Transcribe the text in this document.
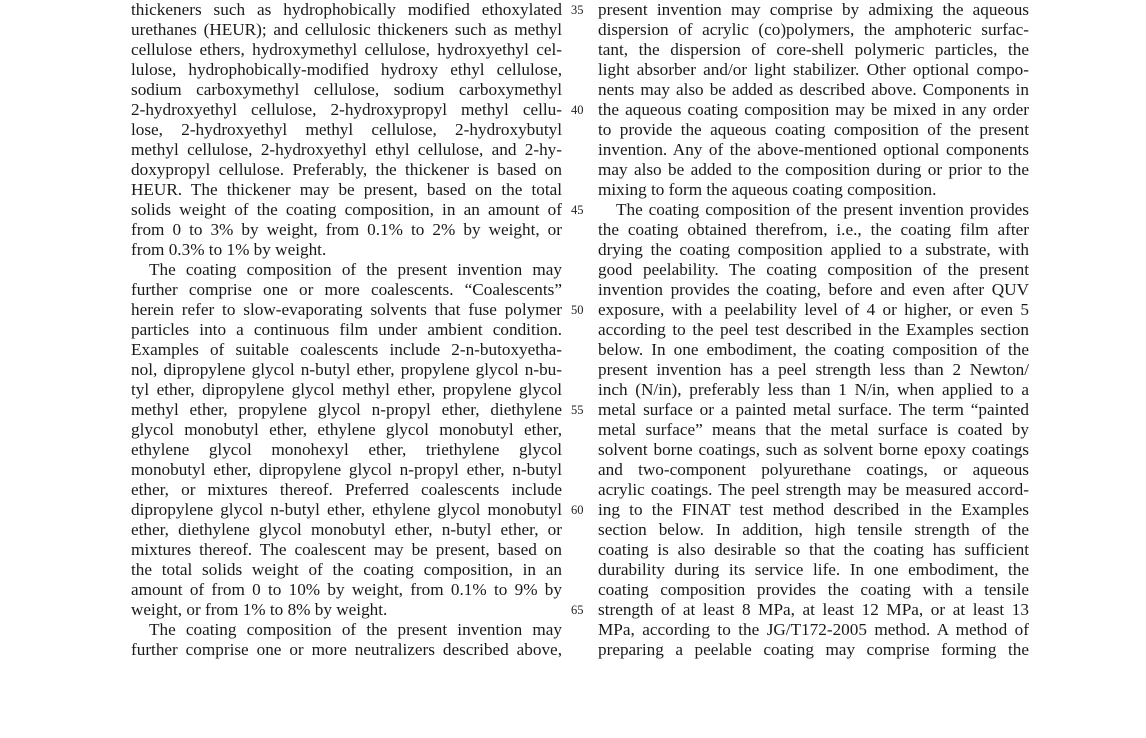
thickeners such as hydrophobically modified ethoxylated
urethanes (HEUR); and cellulosic thickeners such as methyl
cellulose ethers, hydroxymethyl cellulose, hydroxyethyl cel-
lulose, hydrophobically-modified hydroxy ethyl cellulose,
sodium carboxymethyl cellulose, sodium carboxymethyl
2-hydroxyethyl cellulose, 2-hydroxypropyl methyl cellu-
lose, 2-hydroxyethyl methyl cellulose, 2-hydroxybutyl
methyl cellulose, 2-hydroxyethyl ethyl cellulose, and 2-hy-
doxypropyl cellulose. Preferably, the thickener is based on
HEUR. The thickener may be present, based on the total
solids weight of the coating composition, in an amount of
from 0 to 3% by weight, from 0.1% to 2% by weight, or
from 0.3% to 1% by weight.
The coating composition of the present invention may
further comprise one or more coalescents. “Coalescents”
herein refer to slow-evaporating solvents that fuse polymer
particles into a continuous film under ambient condition.
Examples of suitable coalescents include 2-n-butoxyetha-
nol, dipropylene glycol n-butyl ether, propylene glycol n-bu-
tyl ether, dipropylene glycol methyl ether, propylene glycol
methyl ether, propylene glycol n-propyl ether, diethylene
glycol monobutyl ether, ethylene glycol monobutyl ether,
ethylene glycol monohexyl ether, triethylene glycol
monobutyl ether, dipropylene glycol n-propyl ether, n-butyl
ether, or mixtures thereof. Preferred coalescents include
dipropylene glycol n-butyl ether, ethylene glycol monobutyl
ether, diethylene glycol monobutyl ether, n-butyl ether, or
mixtures thereof. The coalescent may be present, based on
the total solids weight of the coating composition, in an
amount of from 0 to 10% by weight, from 0.1% to 9% by
weight, or from 1% to 8% by weight.
The coating composition of the present invention may
further comprise one or more neutralizers described above,
35
40
45
50
55
60
65
present invention may comprise by admixing the aqueous
dispersion of acrylic (co)polymers, the amphoteric surfac-
tant, the dispersion of core-shell polymeric particles, the
light absorber and/or light stabilizer. Other optional compo-
nents may also be added as described above. Components in
the aqueous coating composition may be mixed in any order
to provide the aqueous coating composition of the present
invention. Any of the above-mentioned optional components
may also be added to the composition during or prior to the
mixing to form the aqueous coating composition.
The coating composition of the present invention provides
the coating obtained therefrom, i.e., the coating film after
drying the coating composition applied to a substrate, with
good peelability. The coating composition of the present
invention provides the coating, before and even after QUV
exposure, with a peelability level of 4 or higher, or even 5
according to the peel test described in the Examples section
below. In one embodiment, the coating composition of the
present invention has a peel strength less than 2 Newton/
inch (N/in), preferably less than 1 N/in, when applied to a
metal surface or a painted metal surface. The term “painted
metal surface” means that the metal surface is coated by
solvent borne coatings, such as solvent borne epoxy coatings
and two-component polyurethane coatings, or aqueous
acrylic coatings. The peel strength may be measured accord-
ing to the FINAT test method described in the Examples
section below. In addition, high tensile strength of the
coating is also desirable so that the coating has sufficient
durability during its service life. In one embodiment, the
coating composition provides the coating with a tensile
strength of at least 8 MPa, at least 12 MPa, or at least 13
MPa, according to the JG/T172-2005 method. A method of
preparing a peelable coating may comprise forming the
